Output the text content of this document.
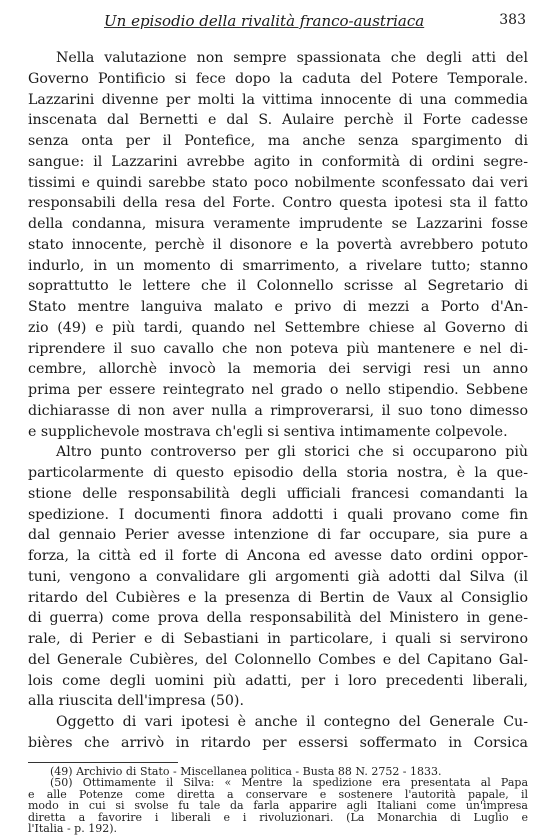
Un episodio della rivalità franco-austriaca	383
Nella valutazione non sempre spassionata che degli atti del
Governo Pontificio si fece dopo la caduta del Potere Temporale.
Lazzarini divenne per molti la vittima innocente di una commedia
inscenata dal Bernetti e dal S. Aulaire perchè il Forte cadesse
senza onta per il Pontefice, ma anche senza spargimento di
sangue: il Lazzarini avrebbe agito in conformità di ordini segre-
tissimi e quindi sarebbe stato poco nobilmente sconfessato dai veri
responsabili della resa del Forte. Contro questa ipotesi sta il fatto
della condanna, misura veramente imprudente se Lazzarini fosse
stato innocente, perchè il disonore e la povertà avrebbero potuto
indurlo, in un momento di smarrimento, a rivelare tutto; stanno
soprattutto le lettere che il Colonnello scrisse al Segretario di
Stato mentre languiva malato e privo di mezzi a Porto d'An-
zio (49) e più tardi, quando nel Settembre chiese al Governo di
riprendere il suo cavallo che non poteva più mantenere e nel di-
cembre, allorchè invocò la memoria dei servigi resi un anno
prima per essere reintegrato nel grado o nello stipendio. Sebbene
dichiarasse di non aver nulla a rimproverarsi, il suo tono dimesso
e supplichevole mostrava ch'egli si sentiva intimamente colpevole.
Altro punto controverso per gli storici che si occuparono più
particolarmente di questo episodio della storia nostra, è la que-
stione delle responsabilità degli ufficiali francesi comandanti la
spedizione. I documenti finora addotti i quali provano come fin
dal gennaio Perier avesse intenzione di far occupare, sia pure a
forza, la città ed il forte di Ancona ed avesse dato ordini oppor-
tuni, vengono a convalidare gli argomenti già adotti dal Silva (il
ritardo del Cubières e la presenza di Bertin de Vaux al Consiglio
di guerra) come prova della responsabilità del Ministero in gene-
rale, di Perier e di Sebastiani in particolare, i quali si servirono
del Generale Cubières, del Colonnello Combes e del Capitano Gal-
lois come degli uomini più adatti, per i loro precedenti liberali,
alla riuscita dell'impresa (50).
Oggetto di vari ipotesi è anche il contegno del Generale Cu-
bières che arrivò in ritardo per essersi soffermato in Corsica
(49) Archivio di Stato - Miscellanea politica - Busta 88 N. 2752 - 1833.
(50) Ottimamente il Silva: « Mentre la spedizione era presentata al Papa
e alle Potenze come diretta a conservare e sostenere l'autorità papale, il
modo in cui si svolse fu tale da farla apparire agli Italiani come un'impresa
diretta a favorire i liberali e i rivoluzionari. (La Monarchia di Luglio e
l'Italia - p. 192).
